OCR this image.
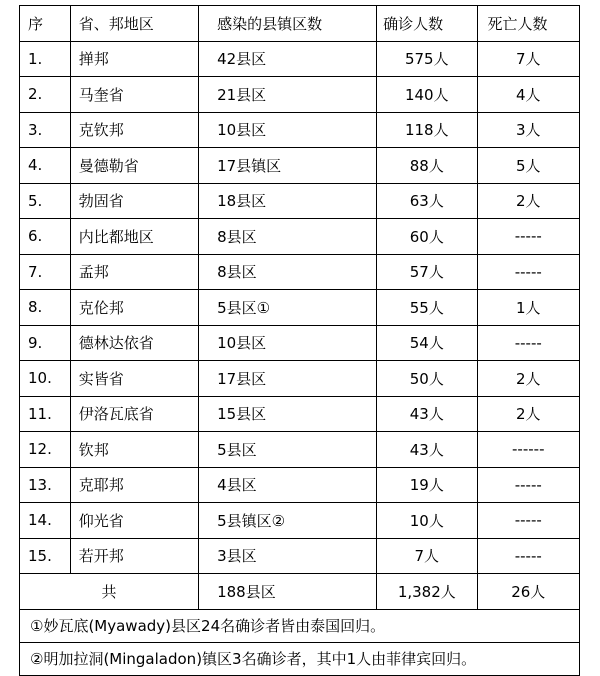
序	省、邦地区	感染的县镇区数	确诊人数	死亡人数
1.	掸邦	42县区	575人	7人
2.	马奎省	21县区	140人	4人
3.	克钦邦	10县区	118人	3人
4.	曼德勒省	17县镇区	88人	5人
5.	勃固省	18县区	63人	2人
6.	内比都地区	8县区	60人	-----
7.	孟邦	8县区	57人	-----
8.	克伦邦	5县区①	55人	1人
9.	德林达依省	10县区	54人	-----
10.	实皆省	17县区	50人	2人
11.	伊洛瓦底省	15县区	43人	2人
12.	钦邦	5县区	43人	------
13.	克耶邦	4县区	19人	-----
14.	仰光省	5县镇区②	10人	-----
15.	若开邦	3县区	7人	-----
共		188县区	1,382人	26人
①妙瓦底(Myawady)县区24名确诊者皆由泰国回归。				
②明加拉洞(Mingaladon)镇区3名确诊者，其中1人由菲律宾回归。				
